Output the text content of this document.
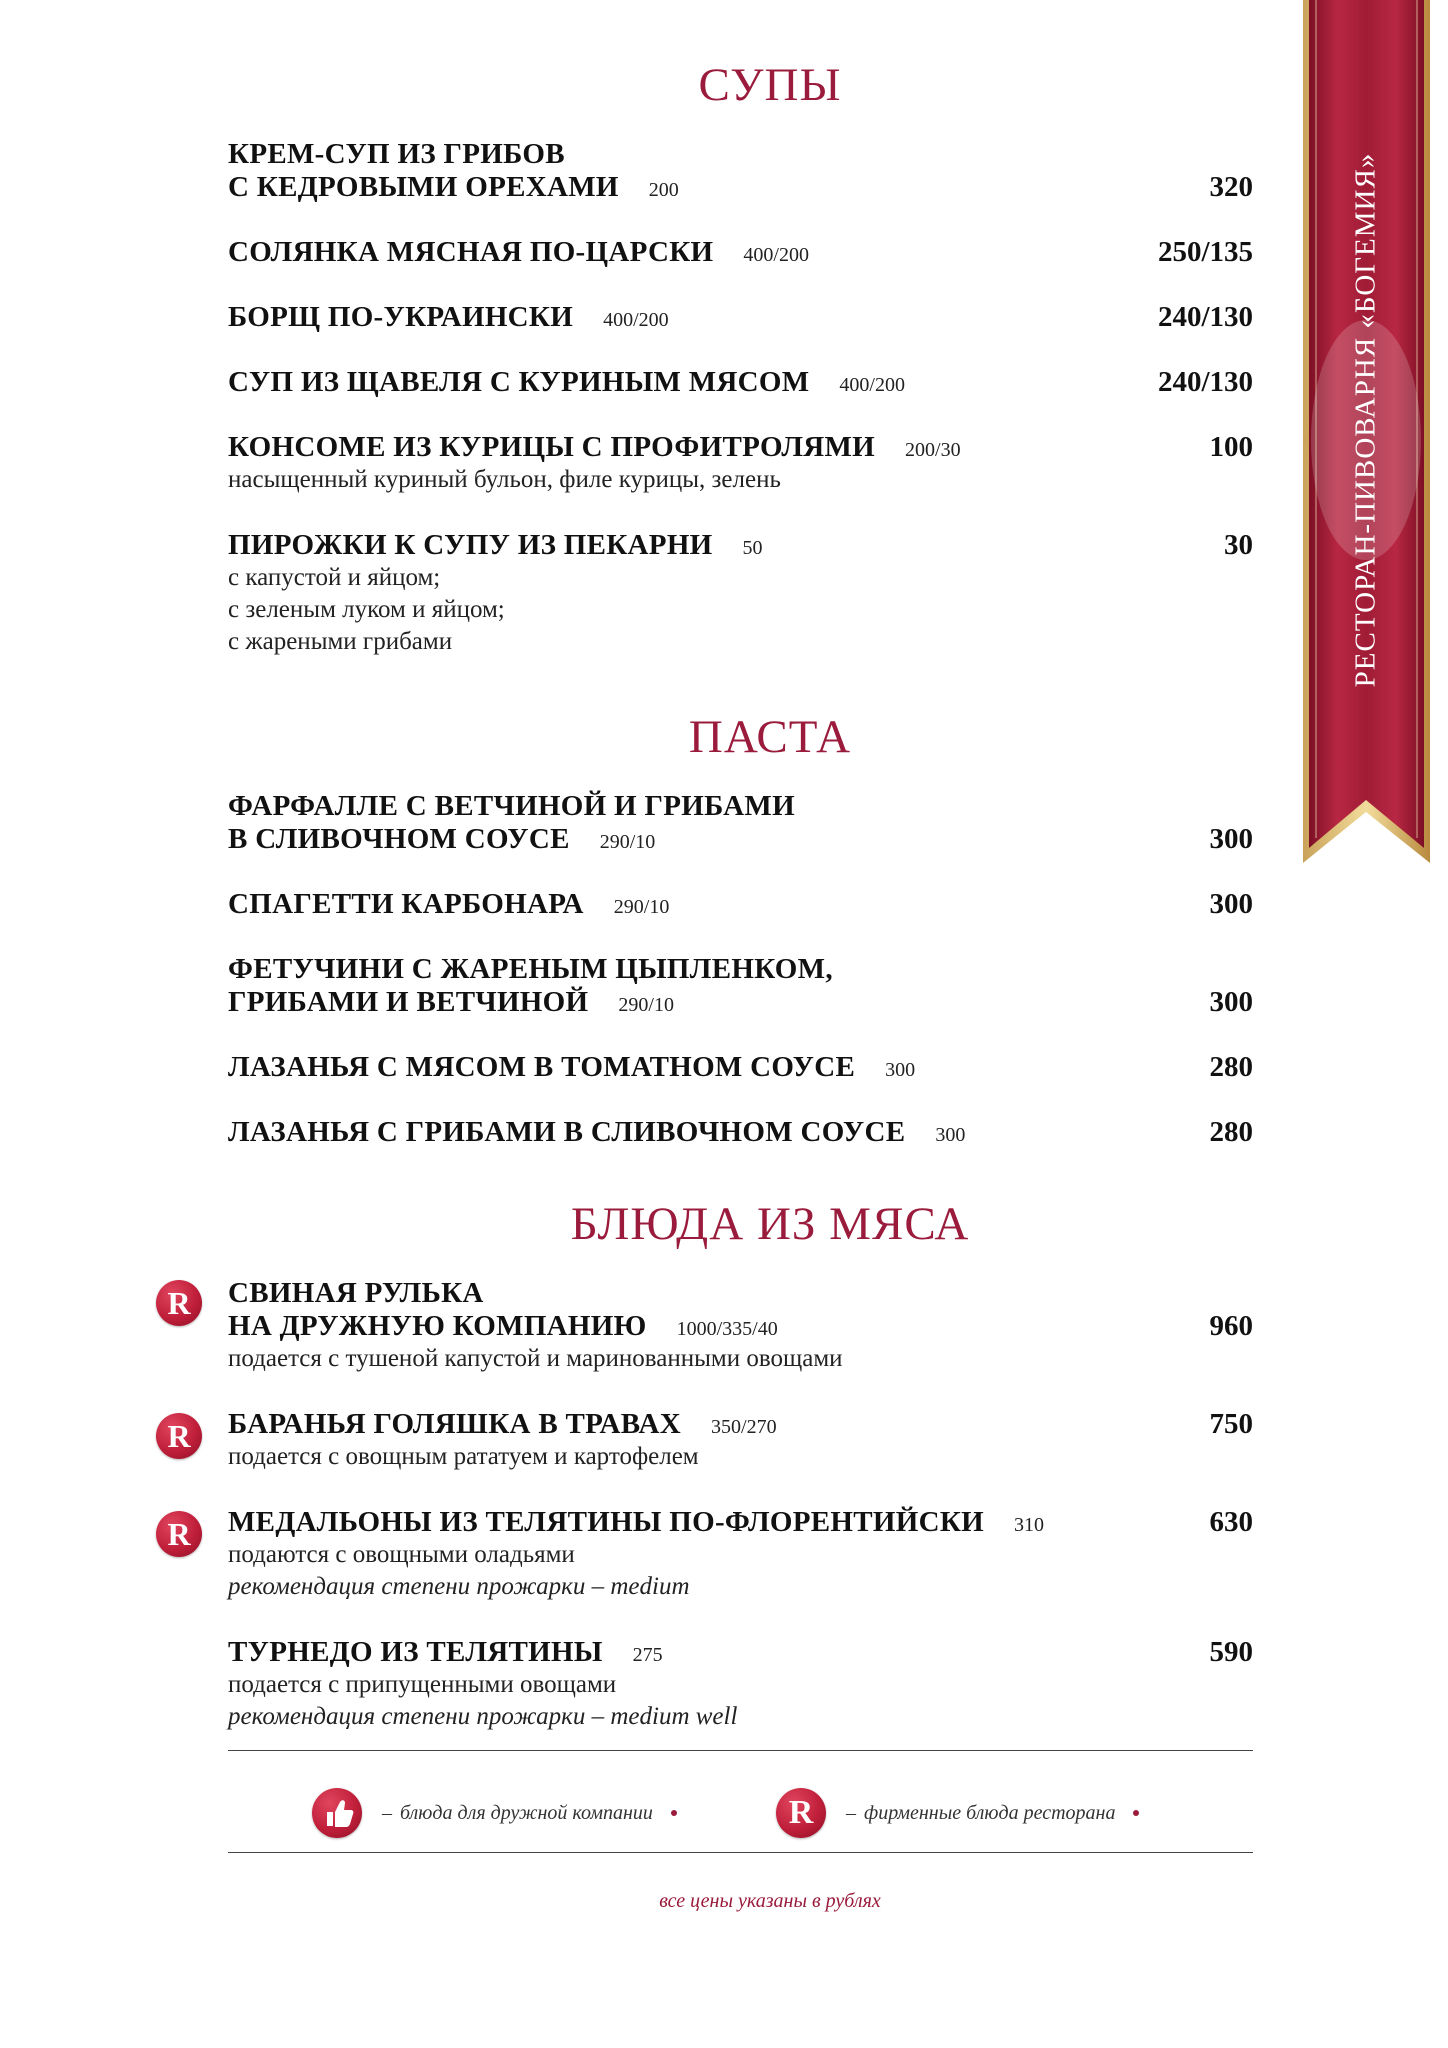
РЕСТОРАН-ПИВОВАРНЯ «БОГЕМИЯ»
СУПЫ
КРЕМ-СУП ИЗ ГРИБОВ
С КЕДРОВЫМИ ОРЕХАМИ 200	320
СОЛЯНКА МЯСНАЯ ПО-ЦАРСКИ 400/200	250/135
БОРЩ ПО-УКРАИНСКИ 400/200	240/130
СУП ИЗ ЩАВЕЛЯ С КУРИНЫМ МЯСОМ 400/200	240/130
КОНСОМЕ ИЗ КУРИЦЫ С ПРОФИТРОЛЯМИ 200/30	100
насыщенный куриный бульон, филе курицы, зелень
ПИРОЖКИ К СУПУ ИЗ ПЕКАРНИ 50	30
с капустой и яйцом;
с зеленым луком и яйцом;
с жареными грибами
ПАСТА
ФАРФАЛЛЕ С ВЕТЧИНОЙ И ГРИБАМИ
В СЛИВОЧНОМ СОУСЕ 290/10	300
СПАГЕТТИ КАРБОНАРА 290/10	300
ФЕТУЧИНИ С ЖАРЕНЫМ ЦЫПЛЕНКОМ,
ГРИБАМИ И ВЕТЧИНОЙ 290/10	300
ЛАЗАНЬЯ С МЯСОМ В ТОМАТНОМ СОУСЕ 300	280
ЛАЗАНЬЯ С ГРИБАМИ В СЛИВОЧНОМ СОУСЕ 300	280
БЛЮДА ИЗ МЯСА
R	СВИНАЯ РУЛЬКА
НА ДРУЖНУЮ КОМПАНИЮ 1000/335/40	960
подается с тушеной капустой и маринованными овощами
R	БАРАНЬЯ ГОЛЯШКА В ТРАВАХ 350/270	750
подается с овощным рататуем и картофелем
R	МЕДАЛЬОНЫ ИЗ ТЕЛЯТИНЫ ПО-ФЛОРЕНТИЙСКИ 310	630
подаются с овощными оладьями
рекомендация степени прожарки – medium
ТУРНЕДО ИЗ ТЕЛЯТИНЫ 275	590
подается с припущенными овощами
рекомендация степени прожарки – medium well
– блюда для дружной компании	R	– фирменные блюда ресторана
все цены указаны в рублях
